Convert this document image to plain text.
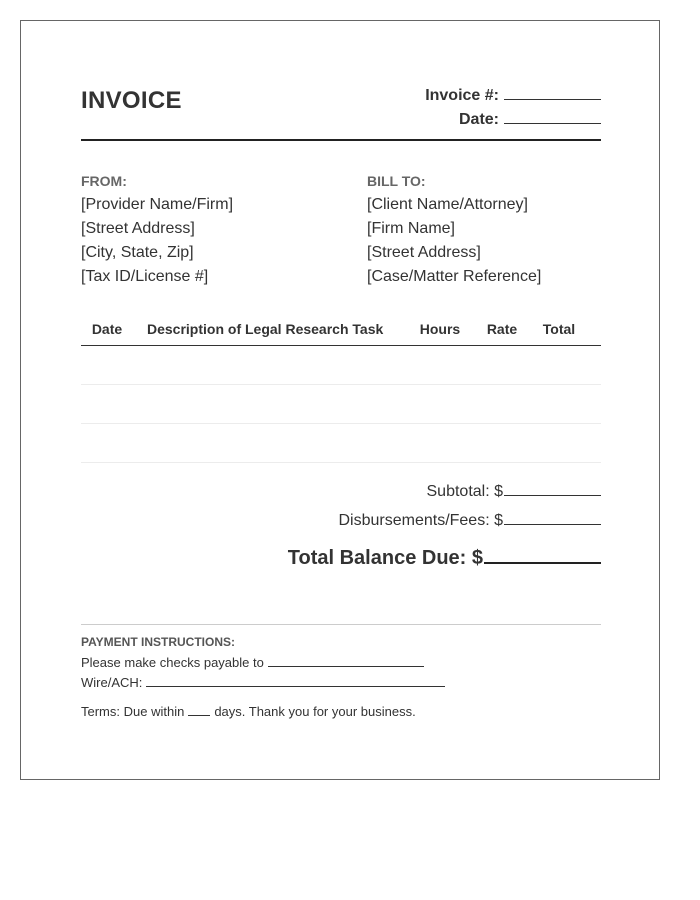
INVOICE	Invoice #:
Date:
FROM:
[Provider Name/Firm]
[Street Address]
[City, State, Zip]
[Tax ID/License #]
BILL TO:
[Client Name/Attorney]
[Firm Name]
[Street Address]
[Case/Matter Reference]
Date	Description of Legal Research Task	Hours	Rate	Total
Subtotal: $
Disbursements/Fees: $
Total Balance Due: $
PAYMENT INSTRUCTIONS:
Please make checks payable to
Wire/ACH:
Terms: Due within days. Thank you for your business.
